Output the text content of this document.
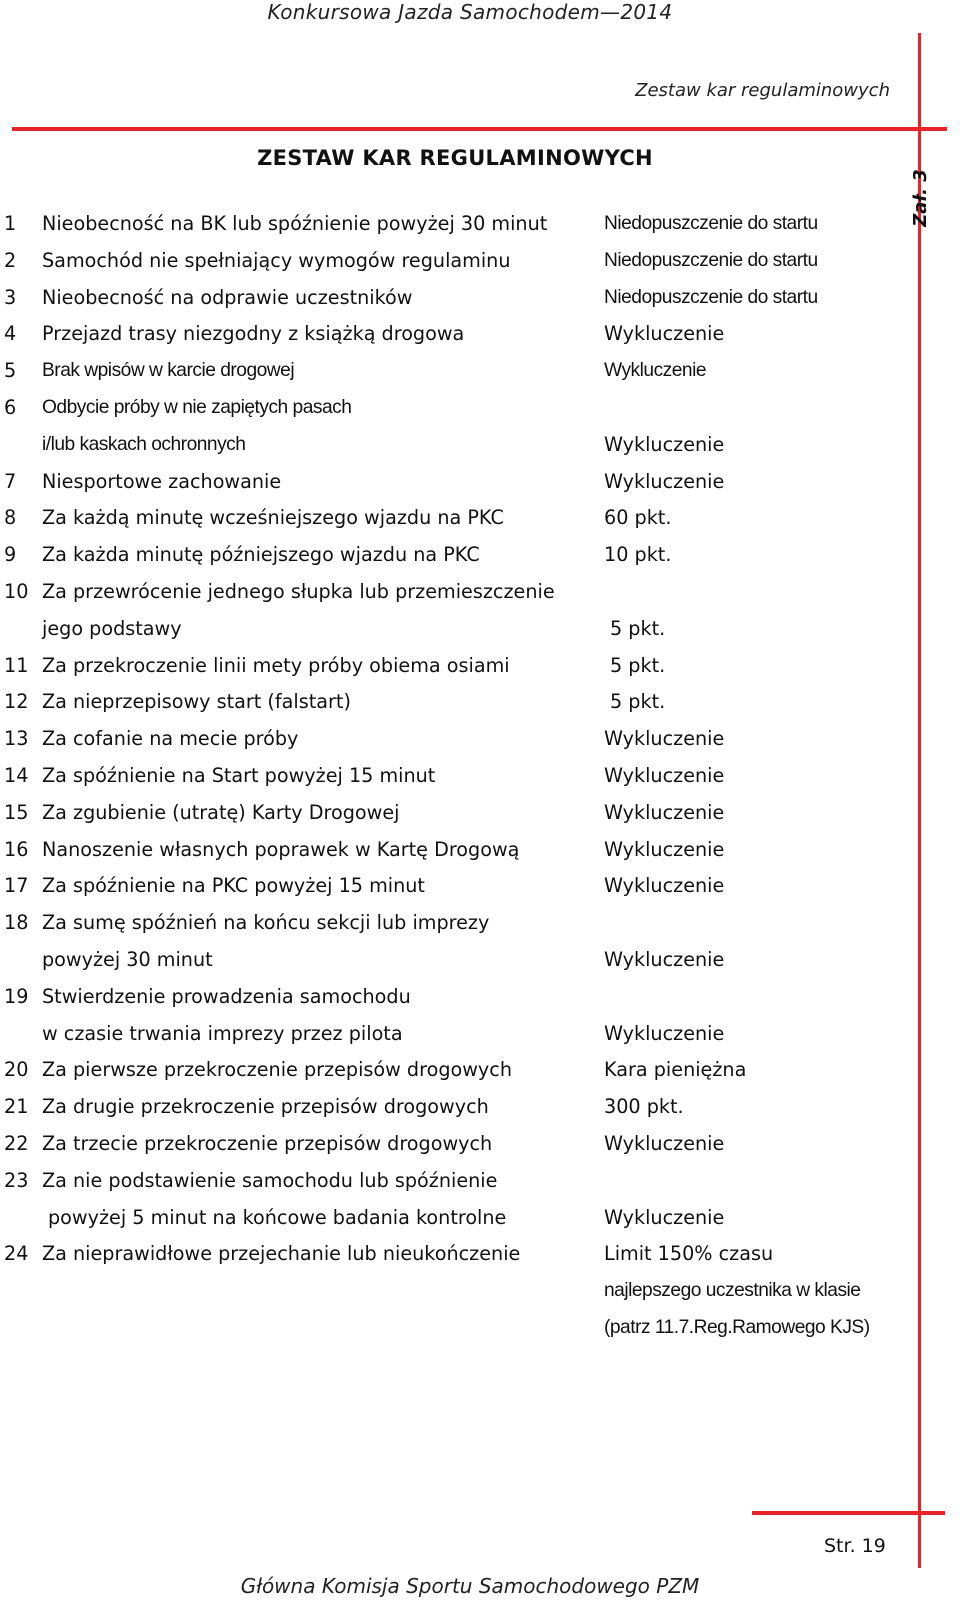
Konkursowa Jazda Samochodem—2014
Zestaw kar regulaminowych
Zał. 3
ZESTAW KAR REGULAMINOWYCH
1 Nieobecność na BK lub spóźnienie powyżej 30 minut	Niedopuszczenie do startu
2 Samochód nie spełniający wymogów regulaminu	Niedopuszczenie do startu
3 Nieobecność na odprawie uczestników	Niedopuszczenie do startu
4 Przejazd trasy niezgodny z książką drogowa	Wykluczenie
5 Brak wpisów w karcie drogowej	Wykluczenie
6 Odbycie próby w nie zapiętych pasach
i/lub kaskach ochronnych	Wykluczenie
7 Niesportowe zachowanie	Wykluczenie
8 Za każdą minutę wcześniejszego wjazdu na PKC	60 pkt.
9 Za każda minutę późniejszego wjazdu na PKC	10 pkt.
10 Za przewrócenie jednego słupka lub przemieszczenie
jego podstawy	5 pkt.
11 Za przekroczenie linii mety próby obiema osiami	5 pkt.
12 Za nieprzepisowy start (falstart)	5 pkt.
13 Za cofanie na mecie próby	Wykluczenie
14 Za spóźnienie na Start powyżej 15 minut	Wykluczenie
15 Za zgubienie (utratę) Karty Drogowej	Wykluczenie
16 Nanoszenie własnych poprawek w Kartę Drogową	Wykluczenie
17 Za spóźnienie na PKC powyżej 15 minut	Wykluczenie
18 Za sumę spóźnień na końcu sekcji lub imprezy
powyżej 30 minut	Wykluczenie
19 Stwierdzenie prowadzenia samochodu
w czasie trwania imprezy przez pilota	Wykluczenie
20 Za pierwsze przekroczenie przepisów drogowych	Kara pieniężna
21 Za drugie przekroczenie przepisów drogowych	300 pkt.
22 Za trzecie przekroczenie przepisów drogowych	Wykluczenie
23 Za nie podstawienie samochodu lub spóźnienie
powyżej 5 minut na końcowe badania kontrolne	Wykluczenie
24 Za nieprawidłowe przejechanie lub nieukończenie	Limit 150% czasu
najlepszego uczestnika w klasie
(patrz 11.7.Reg.Ramowego KJS)
Str. 19
Główna Komisja Sportu Samochodowego PZM
